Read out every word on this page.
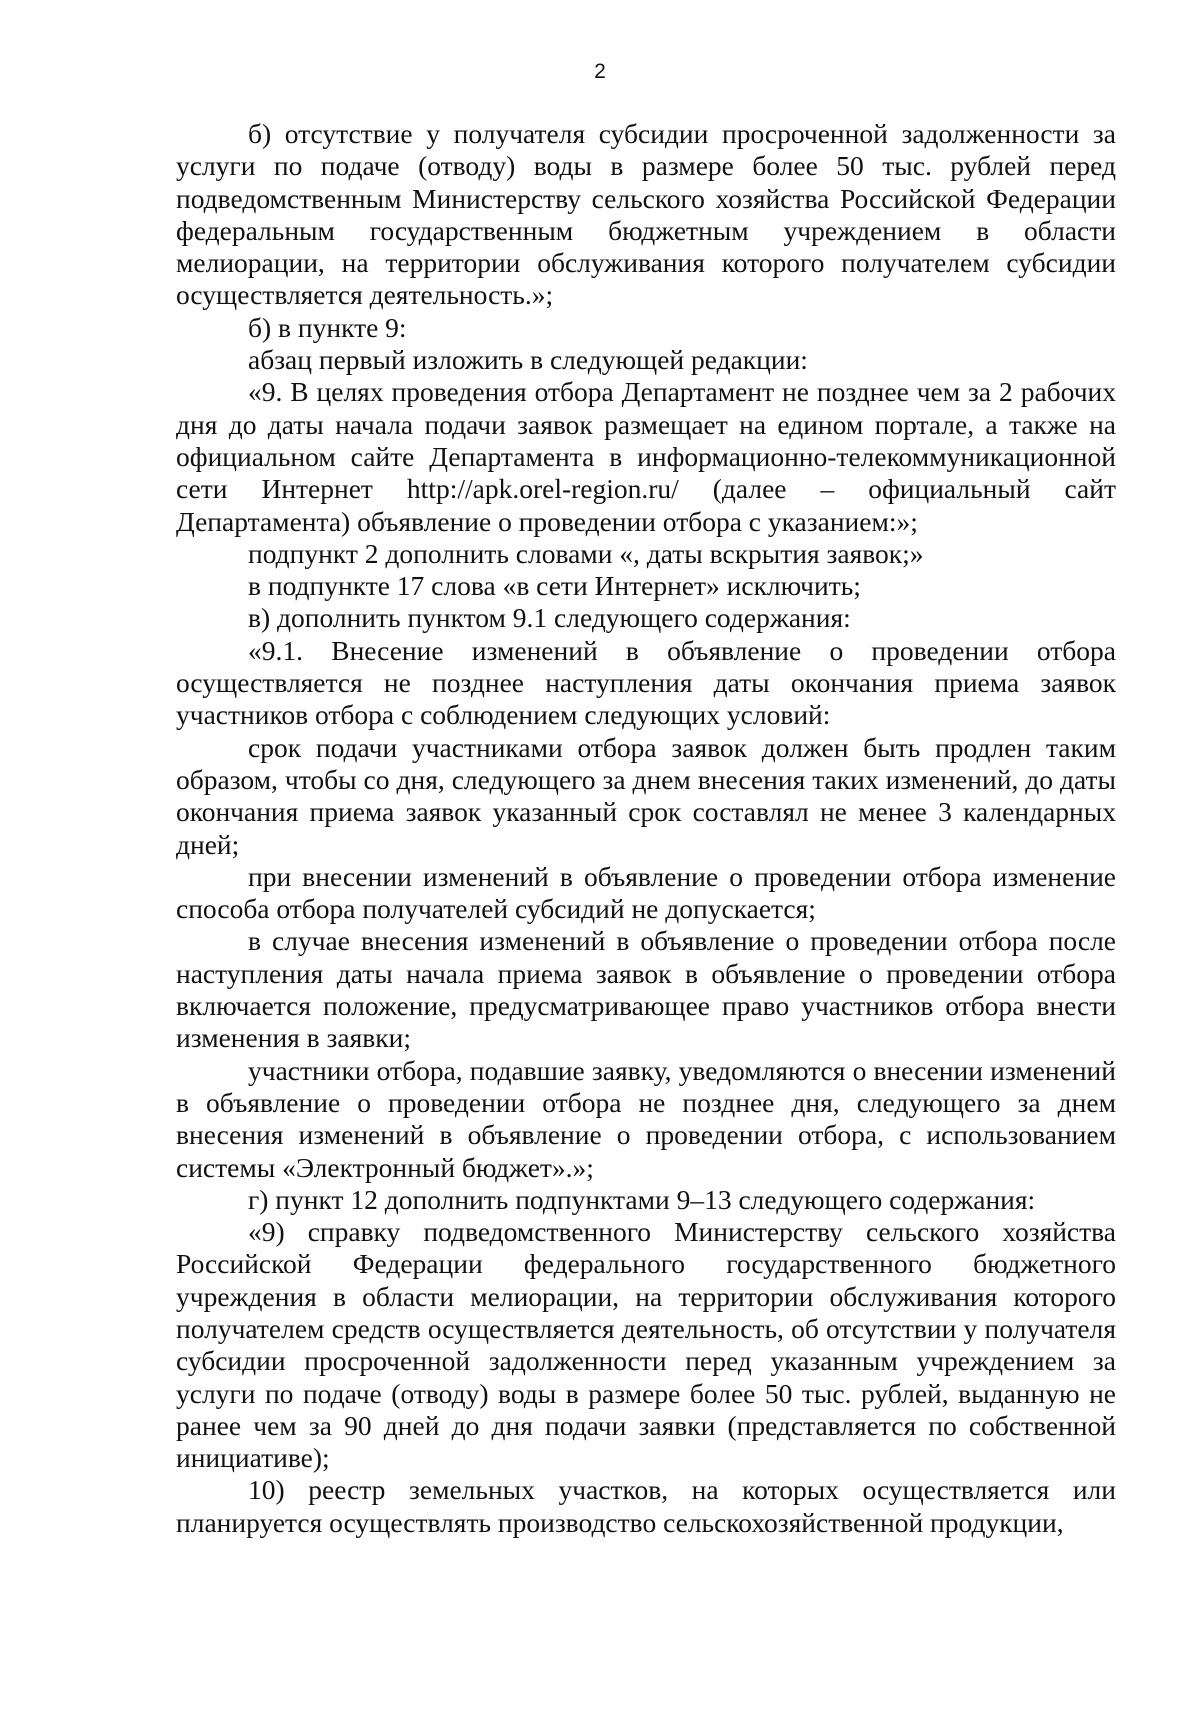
2

б) отсутствие у получателя субсидии просроченной задолженности за услуги по подаче (отводу) воды в размере более 50 тыс. рублей перед подведомственным Министерству сельского хозяйства Российской Федерации федеральным государственным бюджетным учреждением в области мелиорации, на территории обслуживания которого получателем субсидии осуществляется деятельность.»;

б) в пункте 9:

абзац первый изложить в следующей редакции:

«9. В целях проведения отбора Департамент не позднее чем за 2 рабочих дня до даты начала подачи заявок размещает на едином портале, а также на официальном сайте Департамента в информационно-телекоммуникационной сети Интернет http://apk.orel-region.ru/ (далее – официальный сайт Департамента) объявление о проведении отбора с указанием:»;

подпункт 2 дополнить словами «, даты вскрытия заявок;»

в подпункте 17 слова «в сети Интернет» исключить;

в) дополнить пунктом 9.1 следующего содержания:

«9.1. Внесение изменений в объявление о проведении отбора осуществляется не позднее наступления даты окончания приема заявок участников отбора с соблюдением следующих условий:

срок подачи участниками отбора заявок должен быть продлен таким образом, чтобы со дня, следующего за днем внесения таких изменений, до даты окончания приема заявок указанный срок составлял не менее 3 календарных дней;

при внесении изменений в объявление о проведении отбора изменение способа отбора получателей субсидий не допускается;

в случае внесения изменений в объявление о проведении отбора после наступления даты начала приема заявок в объявление о проведении отбора включается положение, предусматривающее право участников отбора внести изменения в заявки;

участники отбора, подавшие заявку, уведомляются о внесении изменений в объявление о проведении отбора не позднее дня, следующего за днем внесения изменений в объявление о проведении отбора, с использованием системы «Электронный бюджет».»;

г) пункт 12 дополнить подпунктами 9–13 следующего содержания:

«9) справку подведомственного Министерству сельского хозяйства Российской Федерации федерального государственного бюджетного учреждения в области мелиорации, на территории обслуживания которого получателем средств осуществляется деятельность, об отсутствии у получателя субсидии просроченной задолженности перед указанным учреждением за услуги по подаче (отводу) воды в размере более 50 тыс. рублей, выданную не ранее чем за 90 дней до дня подачи заявки (представляется по собственной инициативе);

10) реестр земельных участков, на которых осуществляется или планируется осуществлять производство сельскохозяйственной продукции,
